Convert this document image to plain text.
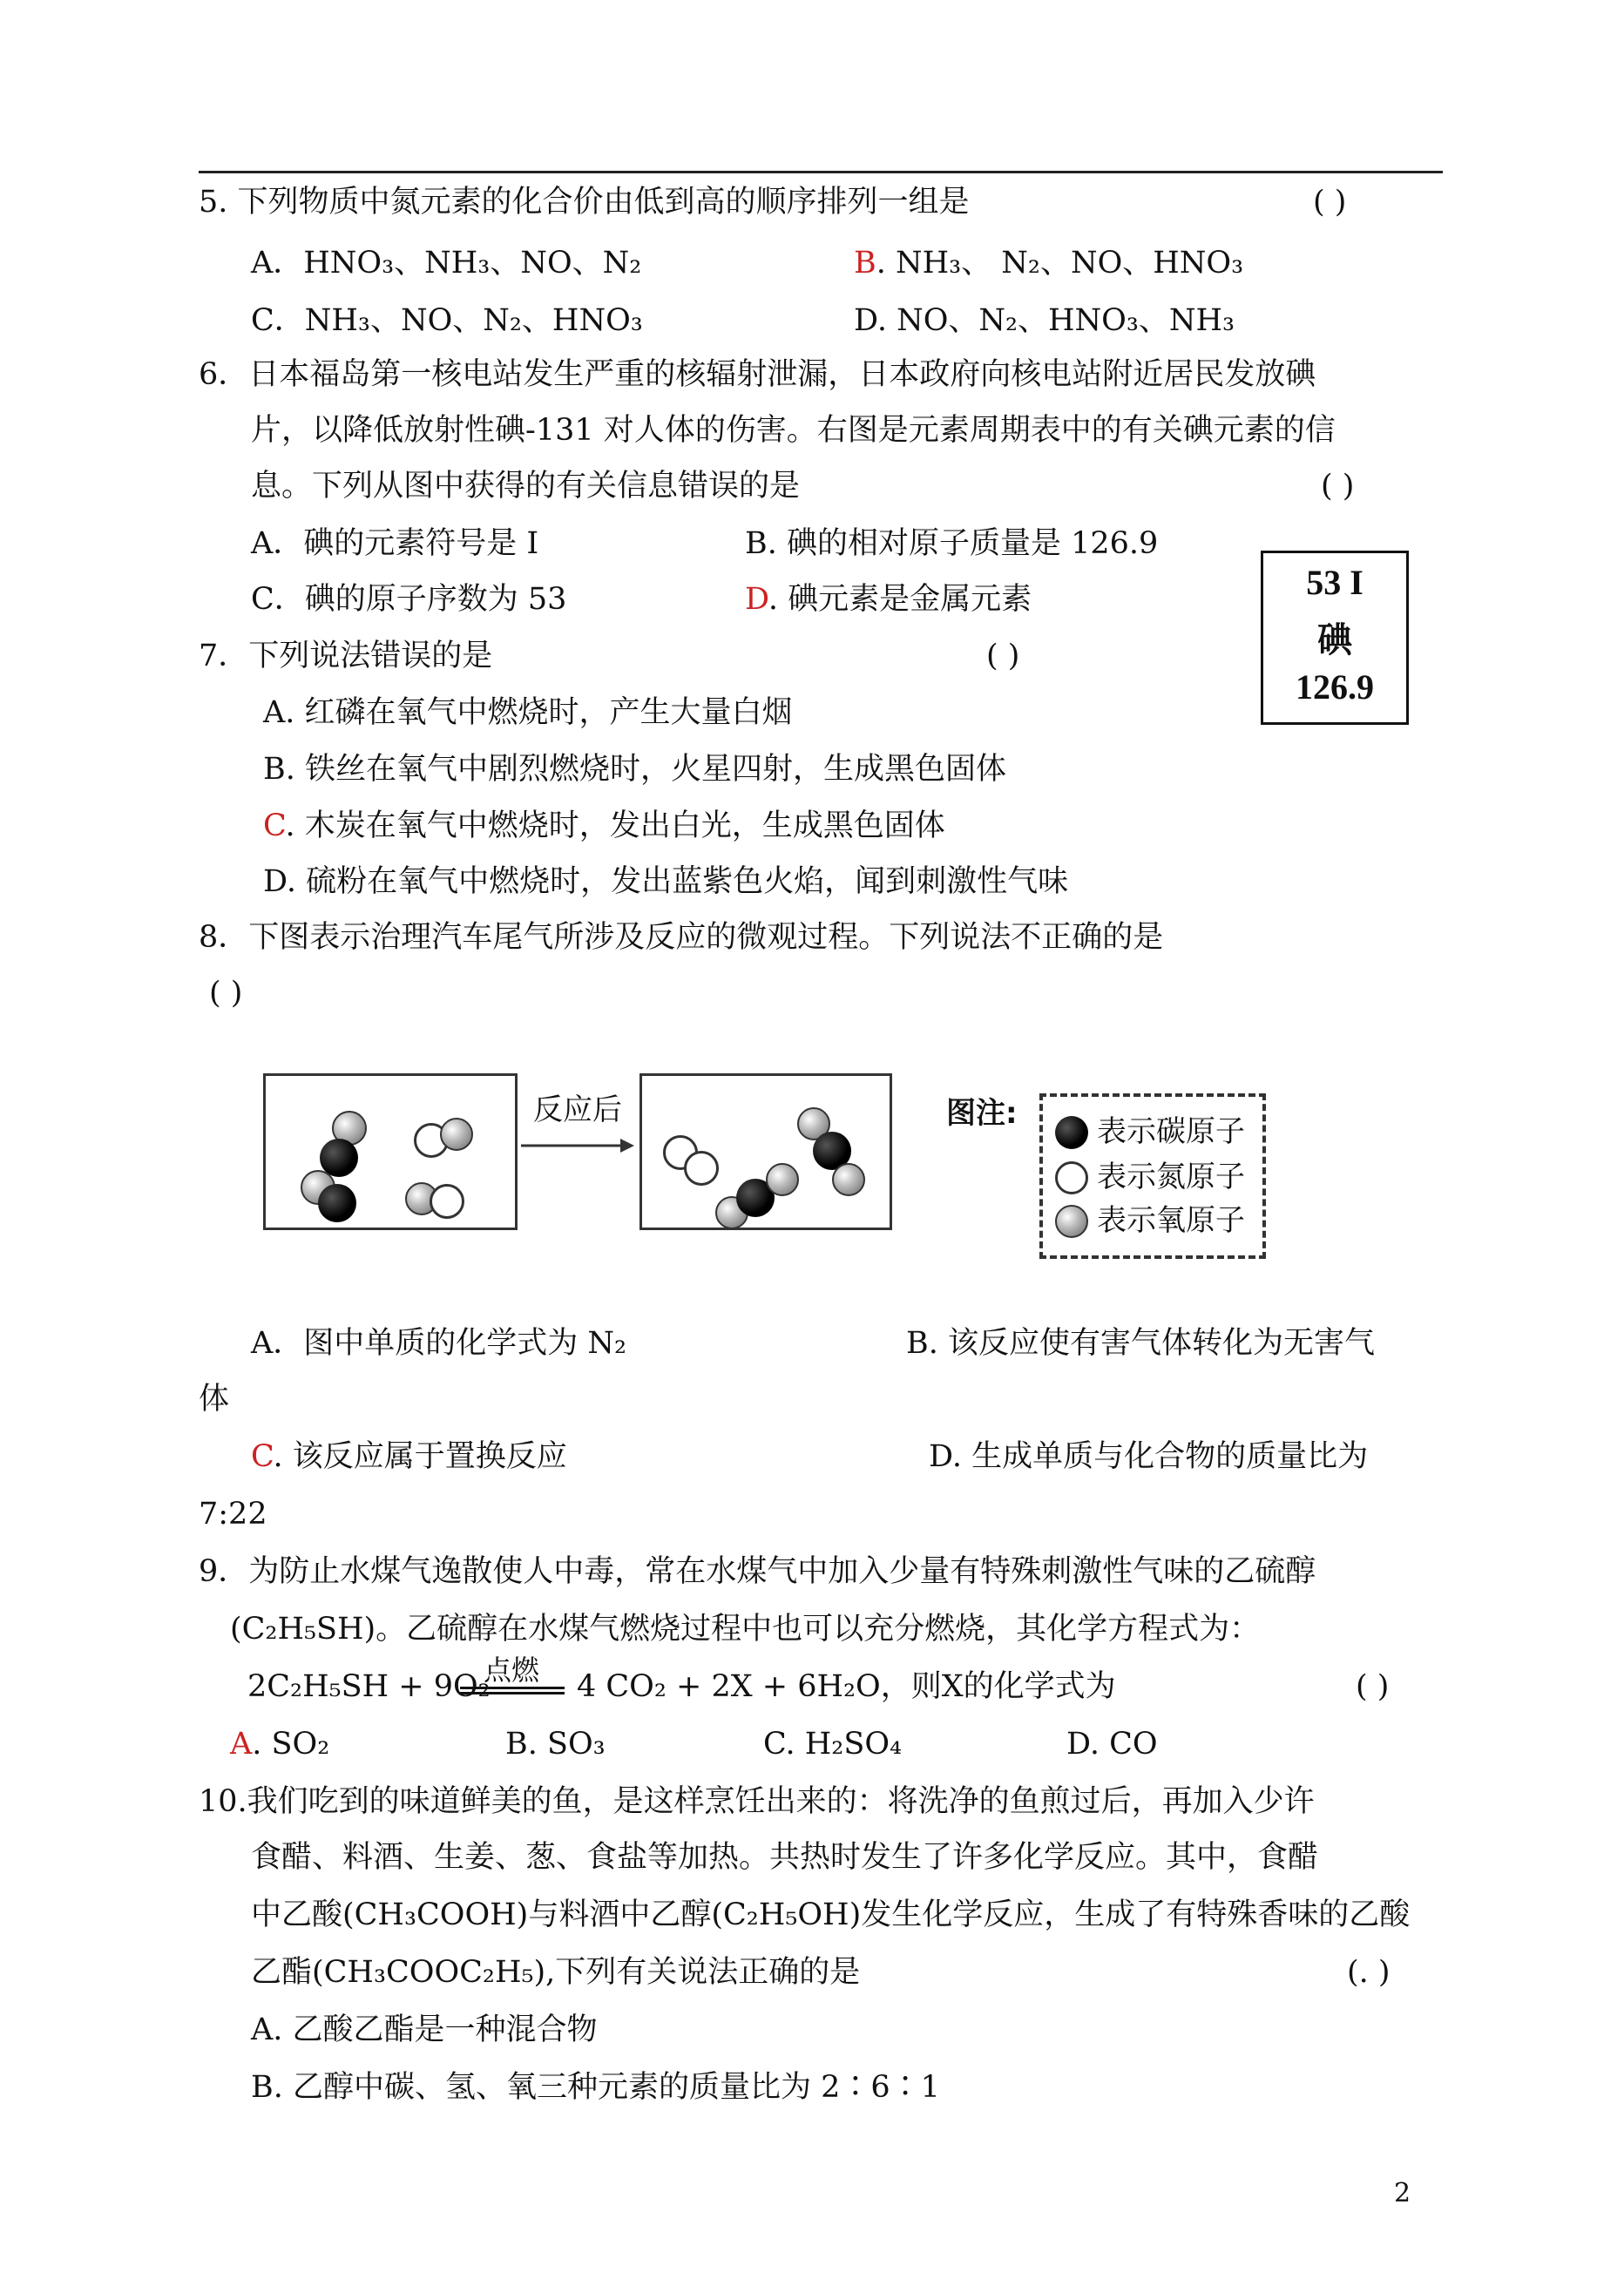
5. 下列物质中氮元素的化合价由低到高的顺序排列一组是	( )
A．HNO₃、NH₃、NO、N₂	B. NH₃、 N₂、NO、HNO₃
C．NH₃、NO、N₂、HNO₃	D. NO、N₂、HNO₃、NH₃
6．日本福岛第一核电站发生严重的核辐射泄漏，日本政府向核电站附近居民发放碘
片，以降低放射性碘-131 对人体的伤害。右图是元素周期表中的有关碘元素的信
息。下列从图中获得的有关信息错误的是	( )
A．碘的元素符号是 I	B. 碘的相对原子质量是 126.9
C．碘的原子序数为 53	D. 碘元素是金属元素	53 I
碘
126.9
7．下列说法错误的是	( )
A. 红磷在氧气中燃烧时，产生大量白烟
B. 铁丝在氧气中剧烈燃烧时，火星四射，生成黑色固体
C. 木炭在氧气中燃烧时，发出白光，生成黑色固体
D. 硫粉在氧气中燃烧时，发出蓝紫色火焰，闻到刺激性气味
8．下图表示治理汽车尾气所涉及反应的微观过程。下列说法不正确的是
( )
反应后	图注:
表示碳原子
表示氮原子
表示氧原子
A．图中单质的化学式为 N₂	B. 该反应使有害气体转化为无害气
体
C. 该反应属于置换反应	D. 生成单质与化合物的质量比为
7:22
9．为防止水煤气逸散使人中毒，常在水煤气中加入少量有特殊刺激性气味的乙硫醇
(C₂H₅SH)。乙硫醇在水煤气燃烧过程中也可以充分燃烧，其化学方程式为：
2C₂H₅SH + 9O₂
点燃 4 CO₂ + 2X + 6H₂O，则X的化学式为	( )
A. SO₂	B. SO₃	C. H₂SO₄	D. CO
10.我们吃到的味道鲜美的鱼，是这样烹饪出来的：将洗净的鱼煎过后，再加入少许
食醋、料酒、生姜、葱、食盐等加热。共热时发生了许多化学反应。其中，食醋
中乙酸(CH₃COOH)与料酒中乙醇(C₂H₅OH)发生化学反应，生成了有特殊香味的乙酸
乙酯(CH₃COOC₂H₅),下列有关说法正确的是	(. )
A. 乙酸乙酯是一种混合物
B. 乙醇中碳、氢、氧三种元素的质量比为 2∶6∶1
2
